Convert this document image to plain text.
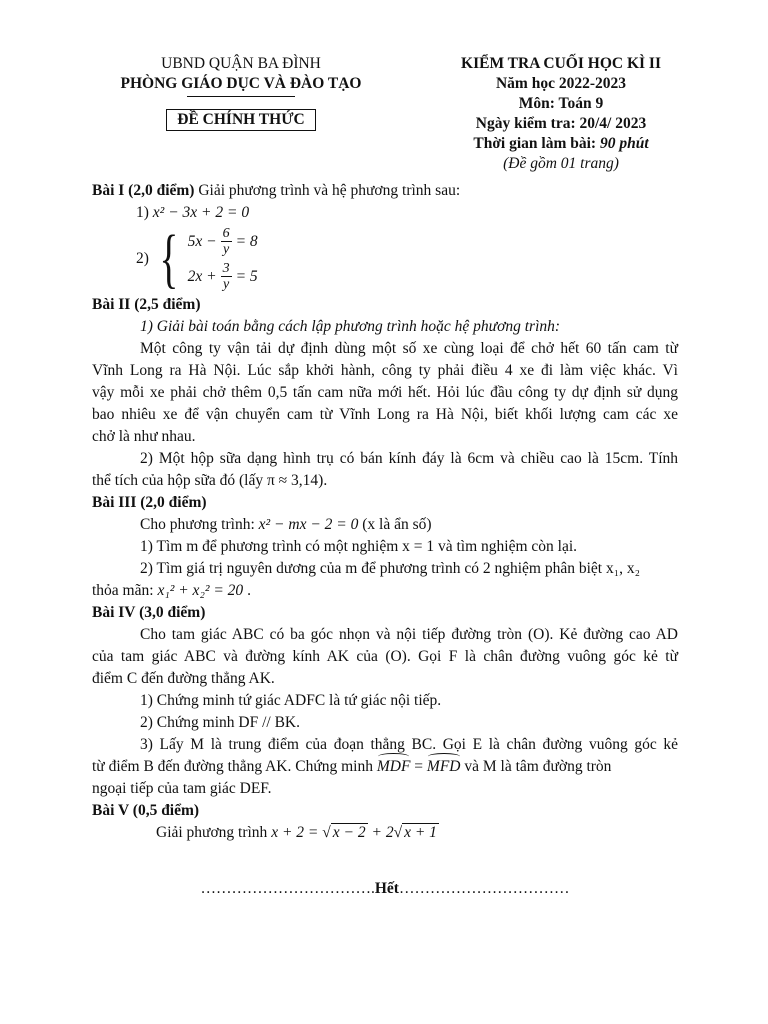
UBND QUẬN BA ĐÌNH
PHÒNG GIÁO DỤC VÀ ĐÀO TẠO
ĐỀ CHÍNH THỨC
KIỂM TRA CUỐI HỌC KÌ II
Năm học 2022-2023
Môn: Toán 9
Ngày kiểm tra: 20/4/ 2023
Thời gian làm bài: 90 phút
(Đề gồm 01 trang)
Bài I (2,0 điểm) Giải phương trình và hệ phương trình sau:
1) x² − 3x + 2 = 0
2) { $5x - \frac{6}{y} = 8$
$2x + \frac{3}{y} = 5$
Bài II (2,5 điểm)
1) Giải bài toán bằng cách lập phương trình hoặc hệ phương trình:
Một công ty vận tải dự định dùng một số xe cùng loại để chở hết 60 tấn cam từ
Vĩnh Long ra Hà Nội. Lúc sắp khởi hành, công ty phải điều 4 xe đi làm việc khác. Vì
vậy mỗi xe phải chở thêm 0,5 tấn cam nữa mới hết. Hỏi lúc đầu công ty dự định sử dụng
bao nhiêu xe để vận chuyển cam từ Vĩnh Long ra Hà Nội, biết khối lượng cam các xe
chở là như nhau.
2) Một hộp sữa dạng hình trụ có bán kính đáy là 6cm và chiều cao là 15cm. Tính
thể tích của hộp sữa đó (lấy π ≈ 3,14).
Bài III (2,0 điểm)
Cho phương trình: x² − mx − 2 = 0 (x là ẩn số)
1) Tìm m để phương trình có một nghiệm x = 1 và tìm nghiệm còn lại.
2) Tìm giá trị nguyên dương của m để phương trình có 2 nghiệm phân biệt x₁, x₂
thỏa mãn: x₁² + x₂² = 20 .
Bài IV (3,0 điểm)
Cho tam giác ABC có ba góc nhọn và nội tiếp đường tròn (O). Kẻ đường cao AD
của tam giác ABC và đường kính AK của (O). Gọi F là chân đường vuông góc kẻ từ
điểm C đến đường thẳng AK.
1) Chứng minh tứ giác ADFC là tứ giác nội tiếp.
2) Chứng minh DF // BK.
3) Lấy M là trung điểm của đoạn thẳng BC. Gọi E là chân đường vuông góc kẻ
từ điểm B đến đường thẳng AK. Chứng minh MDF = MFD và M là tâm đường tròn
ngoại tiếp của tam giác DEF.
Bài V (0,5 điểm)
Giải phương trình x + 2 = √ x − 2 + 2√ x + 1
…………………………….Hết……………………………
